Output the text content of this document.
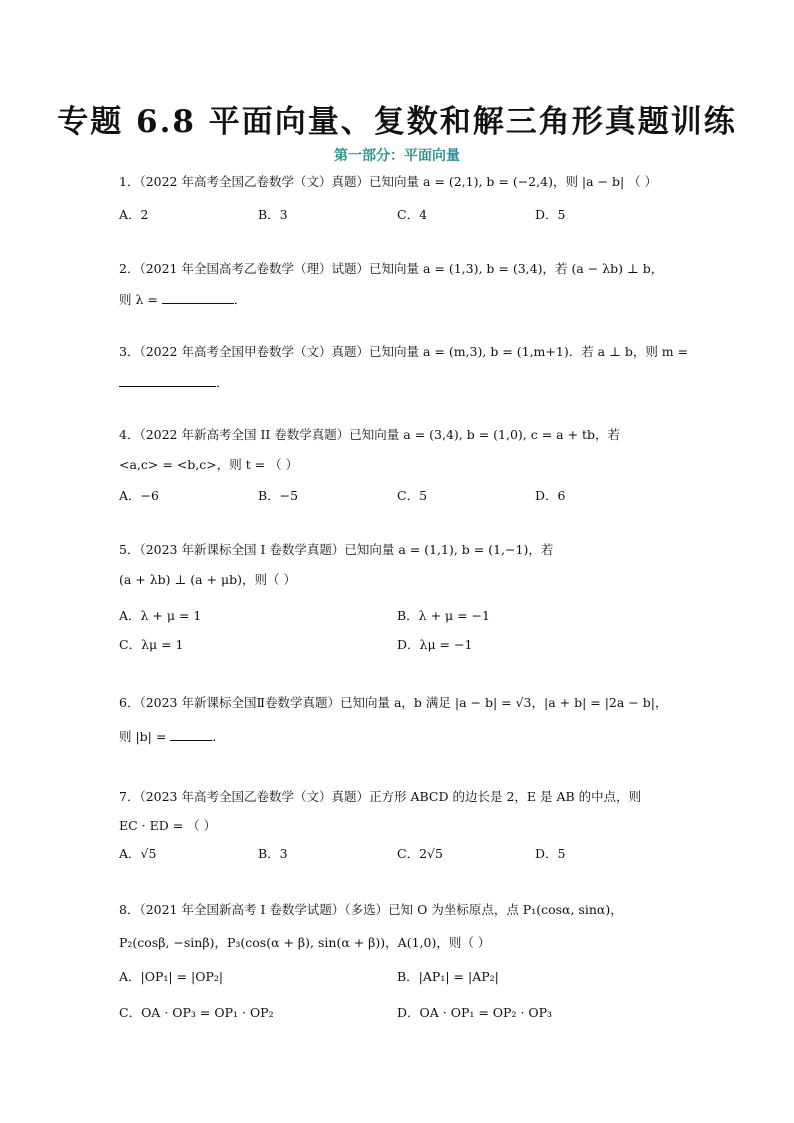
专题 6.8 平面向量、复数和解三角形真题训练
第一部分：平面向量
1．（2022 年高考全国乙卷数学（文）真题）已知向量 a = (2,1), b = (−2,4)，则 |a − b| （ ）
A．2	B．3	C．4	D．5
2．（2021 年全国高考乙卷数学（理）试题）已知向量 a = (1,3), b = (3,4)，若 (a − λb) ⊥ b，
则 λ =	．
3．（2022 年高考全国甲卷数学（文）真题）已知向量 a = (m,3), b = (1,m+1)．若 a ⊥ b，则 m =
．
4．（2022 年新高考全国 II 卷数学真题）已知向量 a = (3,4), b = (1,0), c = a + tb，若
<a,c> = <b,c>，则 t = （ ）
A．−6	B．−5	C．5	D．6
5．（2023 年新课标全国 I 卷数学真题）已知向量 a = (1,1), b = (1,−1)，若
(a + λb) ⊥ (a + μb)，则（ ）
A．λ + μ = 1	B．λ + μ = −1
C．λμ = 1	D．λμ = −1
6．（2023 年新课标全国Ⅱ卷数学真题）已知向量 a，b 满足 |a − b| = √3，|a + b| = |2a − b|，
则 |b| =	．
7．（2023 年高考全国乙卷数学（文）真题）正方形 ABCD 的边长是 2，E 是 AB 的中点，则
EC · ED = （ ）
A．√5	B．3	C．2√5	D．5
8．（2021 年全国新高考 I 卷数学试题）（多选）已知 O 为坐标原点，点 P₁(cosα, sinα)，
P₂(cosβ, −sinβ)，P₃(cos(α + β), sin(α + β))，A(1,0)，则（ ）
A．|OP₁| = |OP₂|	B．|AP₁| = |AP₂|
C．OA · OP₃ = OP₁ · OP₂	D．OA · OP₁ = OP₂ · OP₃
